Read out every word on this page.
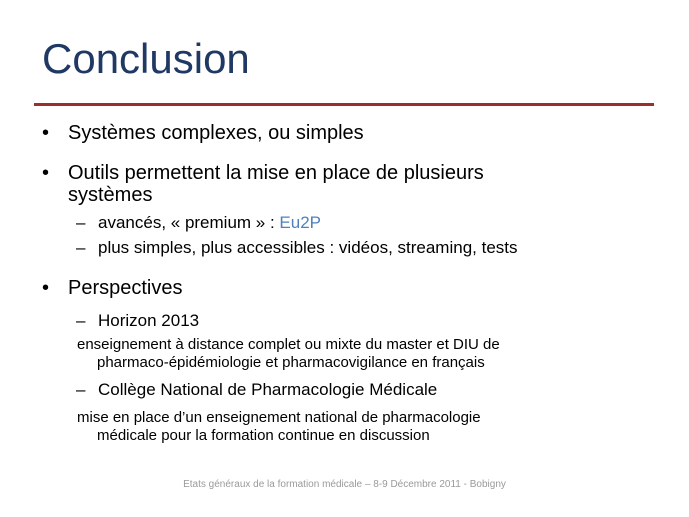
Conclusion
• Systèmes complexes, ou simples
• Outils permettent la mise en place de plusieurs
systèmes
– avancés, « premium » : Eu2P
– plus simples, plus accessibles : vidéos, streaming, tests
• Perspectives
– Horizon 2013
enseignement à distance complet ou mixte du master et DIU de
pharmaco-épidémiologie et pharmacovigilance en français
– Collège National de Pharmacologie Médicale
mise en place d’un enseignement national de pharmacologie
médicale pour la formation continue en discussion
Etats généraux de la formation médicale – 8-9 Décembre 2011 - Bobigny
